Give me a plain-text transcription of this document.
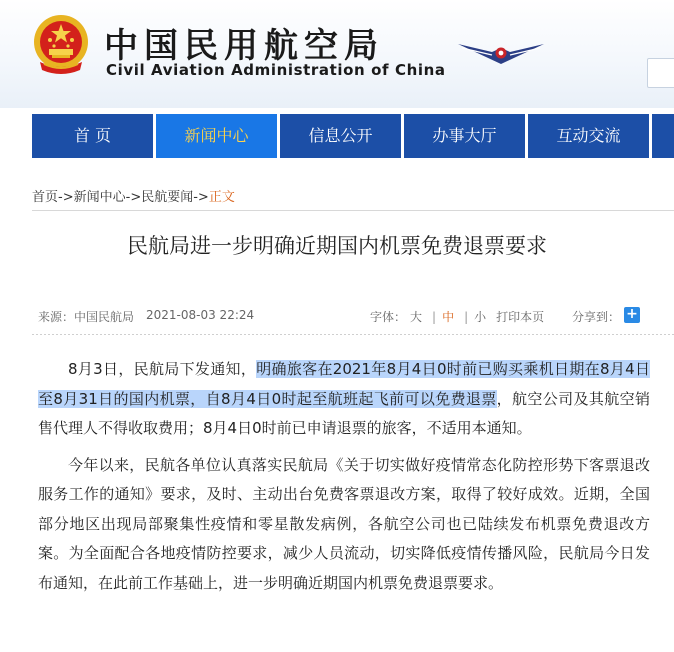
中国民用航空局
Civil Aviation Administration of China
首 页	新闻中心	信息公开	办事大厅	互动交流
首页->新闻中心->民航要闻->正文
民航局进一步明确近期国内机票免费退票要求
来源：中国民航局 2021-08-03 22:24	字体： 大 | 中 | 小 打印本页	分享到： +

8月3日，民航局下发通知，明确旅客在2021年8月4日0时前已购买乘机日期在8月4日至8月31日的国内机票，自8月4日0时起至航班起飞前可以免费退票，航空公司及其航空销售代理人不得收取费用；8月4日0时前已申请退票的旅客，不适用本通知。

今年以来，民航各单位认真落实民航局《关于切实做好疫情常态化防控形势下客票退改服务工作的通知》要求，及时、主动出台免费客票退改方案，取得了较好成效。近期，全国部分地区出现局部聚集性疫情和零星散发病例，各航空公司也已陆续发布机票免费退改方案。为全面配合各地疫情防控要求，减少人员流动，切实降低疫情传播风险，民航局今日发布通知，在此前工作基础上，进一步明确近期国内机票免费退票要求。
